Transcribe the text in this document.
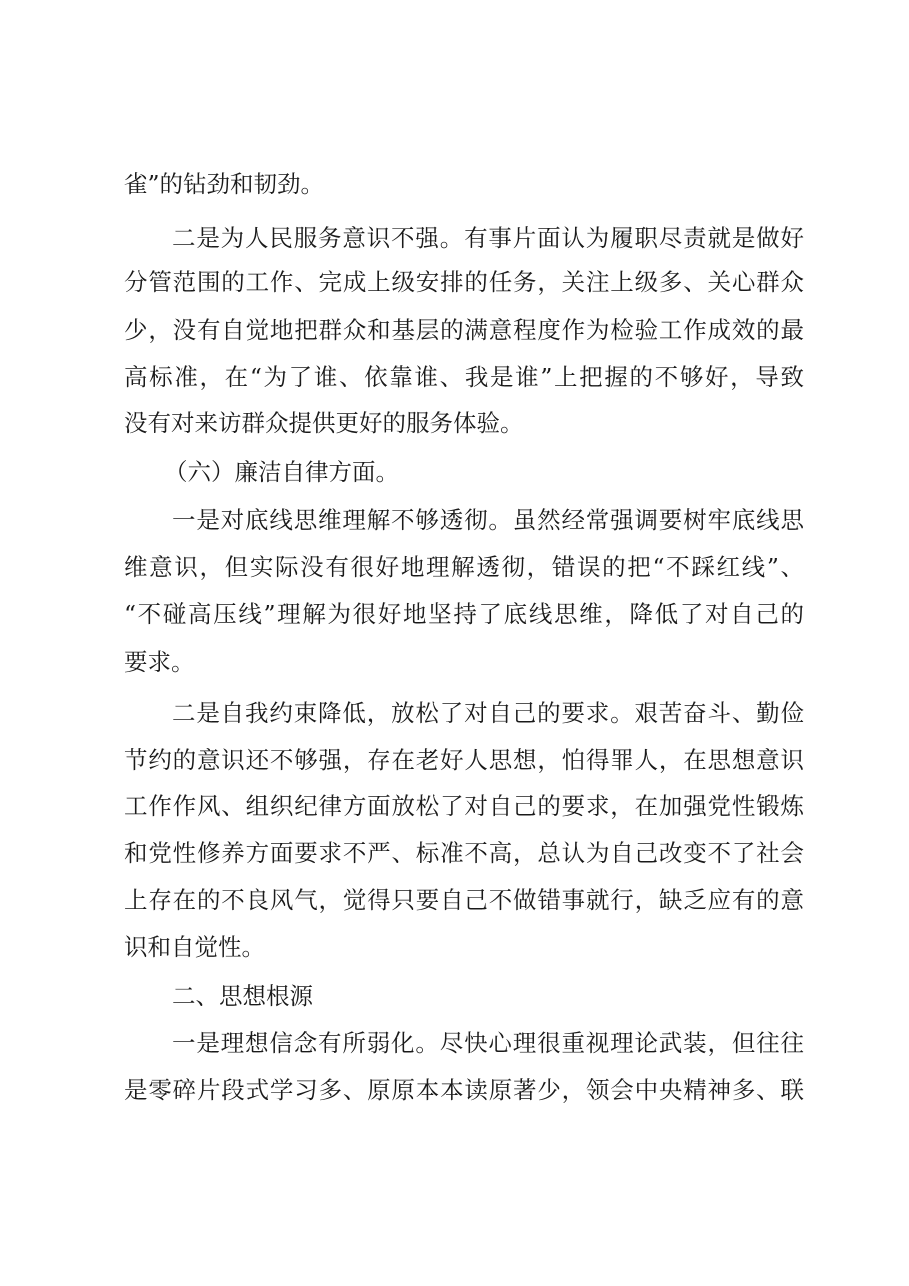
雀”的钻劲和韧劲。
二是为人民服务意识不强。有事片面认为履职尽责就是做好
分管范围的工作、完成上级安排的任务，关注上级多、关心群众
少，没有自觉地把群众和基层的满意程度作为检验工作成效的最
高标准，在“为了谁、依靠谁、我是谁”上把握的不够好，导致
没有对来访群众提供更好的服务体验。
（六）廉洁自律方面。
一是对底线思维理解不够透彻。虽然经常强调要树牢底线思
维意识，但实际没有很好地理解透彻，错误的把“不踩红线”、
“不碰高压线”理解为很好地坚持了底线思维，降低了对自己的
要求。
二是自我约束降低，放松了对自己的要求。艰苦奋斗、勤俭
节约的意识还不够强，存在老好人思想，怕得罪人，在思想意识
工作作风、组织纪律方面放松了对自己的要求，在加强党性锻炼
和党性修养方面要求不严、标准不高，总认为自己改变不了社会
上存在的不良风气，觉得只要自己不做错事就行，缺乏应有的意
识和自觉性。
二、思想根源
一是理想信念有所弱化。尽快心理很重视理论武装，但往往
是零碎片段式学习多、原原本本读原著少，领会中央精神多、联
